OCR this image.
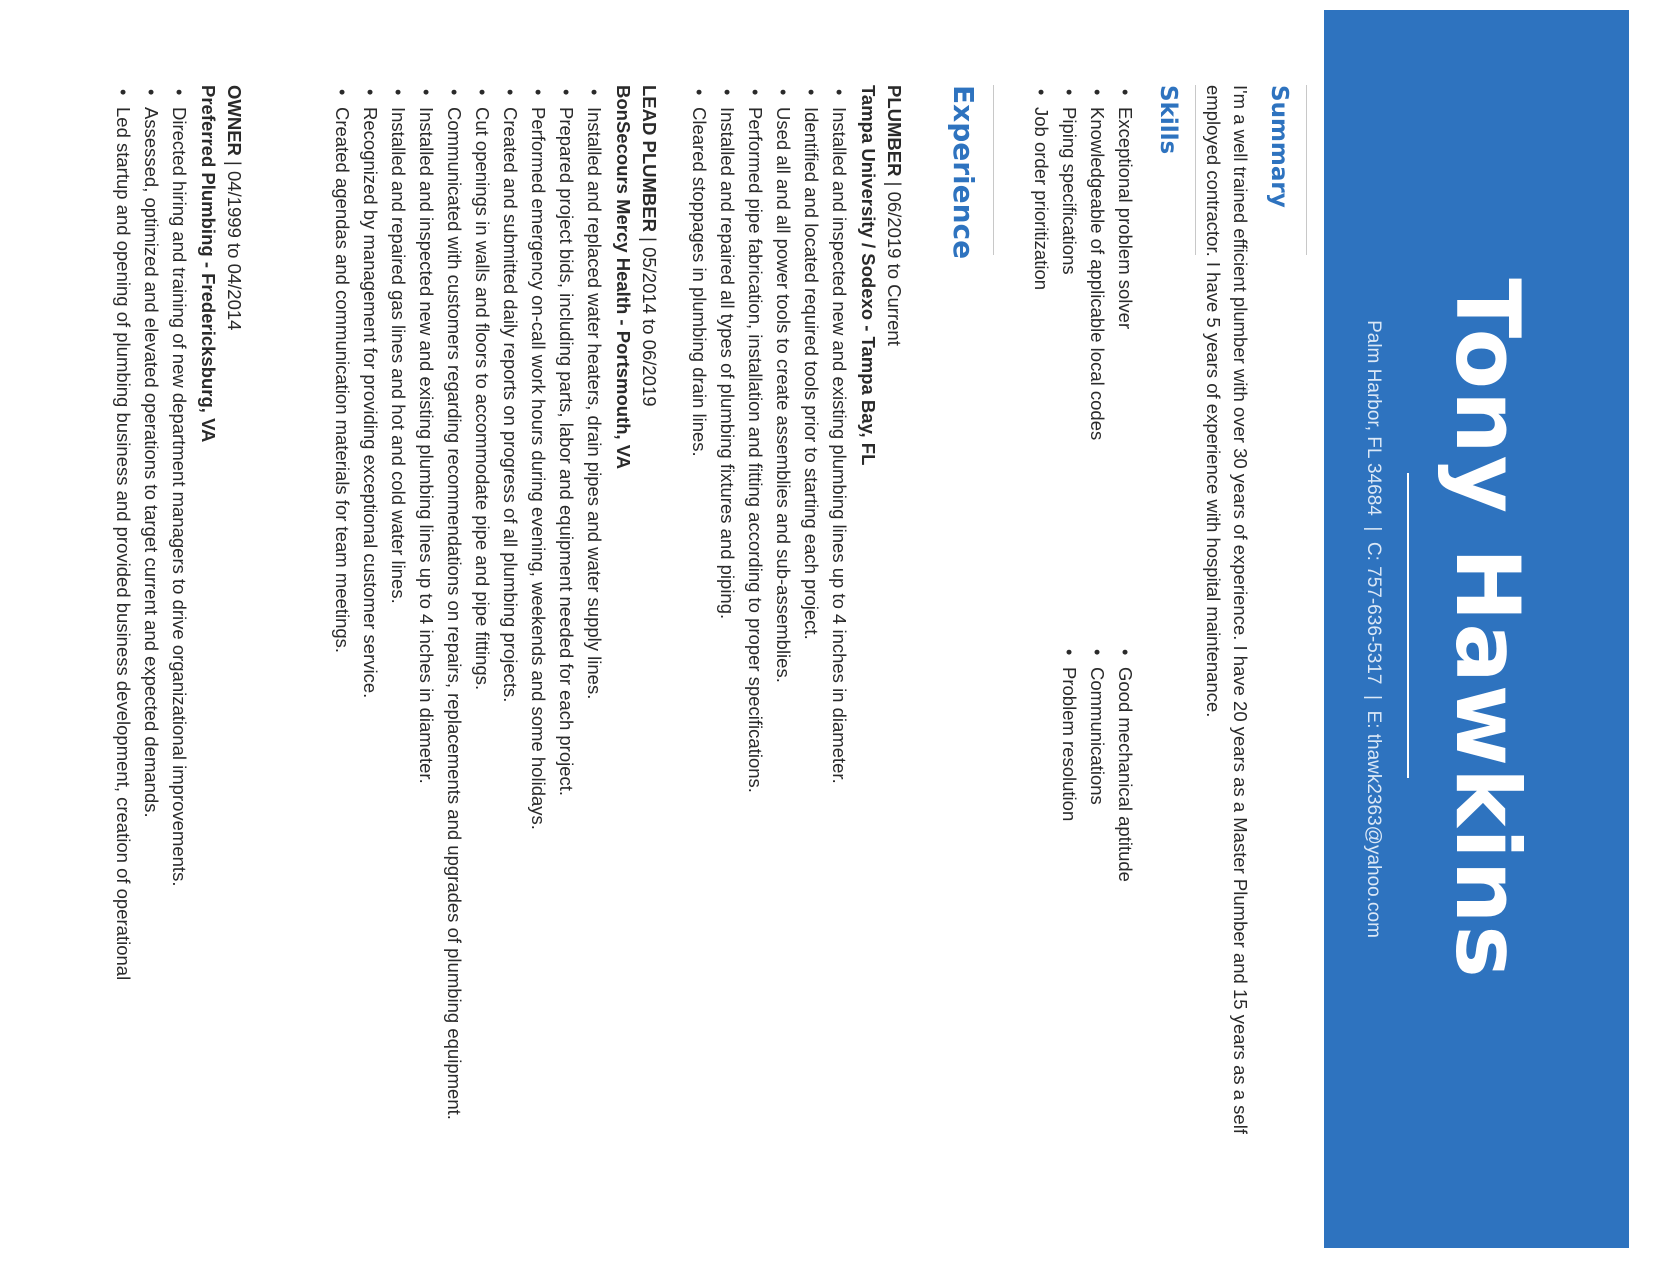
Tony Hawkins
Palm Harbor, FL 34684  |  C: 757-636-5317  |  E: thawk2363@yahoo.com
Summary
I'm a well trained efficient plumber with over 30 years of experience. I have 20 years as a Master Plumber and 15 years as a self employed contractor. I have 5 years of experience with hospital maintenance.
Skills
• Exceptional problem solver
• Knowledgeable of applicable local codes
• Piping specifications
• Job order prioritization
• Good mechanical aptitude
• Communications
• Problem resolution
Experience
PLUMBER | 06/2019 to Current
Tampa University / Sodexo - Tampa Bay, FL
• Installed and inspected new and existing plumbing lines up to 4 inches in diameter.
• Identified and located required tools prior to starting each project.
• Used all and all power tools to create assemblies and sub-assemblies.
• Performed pipe fabrication, installation and fitting according to proper specifications.
• Installed and repaired all types of plumbing fixtures and piping.
• Cleared stoppages in plumbing drain lines.
LEAD PLUMBER | 05/2014 to 06/2019
BonSecours Mercy Health - Portsmouth, VA
• Installed and replaced water heaters, drain pipes and water supply lines.
• Prepared project bids, including parts, labor and equipment needed for each project.
• Performed emergency on-call work hours during evening, weekends and some holidays.
• Created and submitted daily reports on progress of all plumbing projects.
• Cut openings in walls and floors to accommodate pipe and pipe fittings.
• Communicated with customers regarding recommendations on repairs, replacements and upgrades of plumbing equipment.
• Installed and inspected new and existing plumbing lines up to 4 inches in diameter.
• Installed and repaired gas lines and hot and cold water lines.
• Recognized by management for providing exceptional customer service.
• Created agendas and communication materials for team meetings.
OWNER | 04/1999 to 04/2014
Preferred Plumbing - Fredericksburg, VA
• Directed hiring and training of new department managers to drive organizational improvements.
• Assessed, optimized and elevated operations to target current and expected demands.
• Led startup and opening of plumbing business and provided business development, creation of operational
